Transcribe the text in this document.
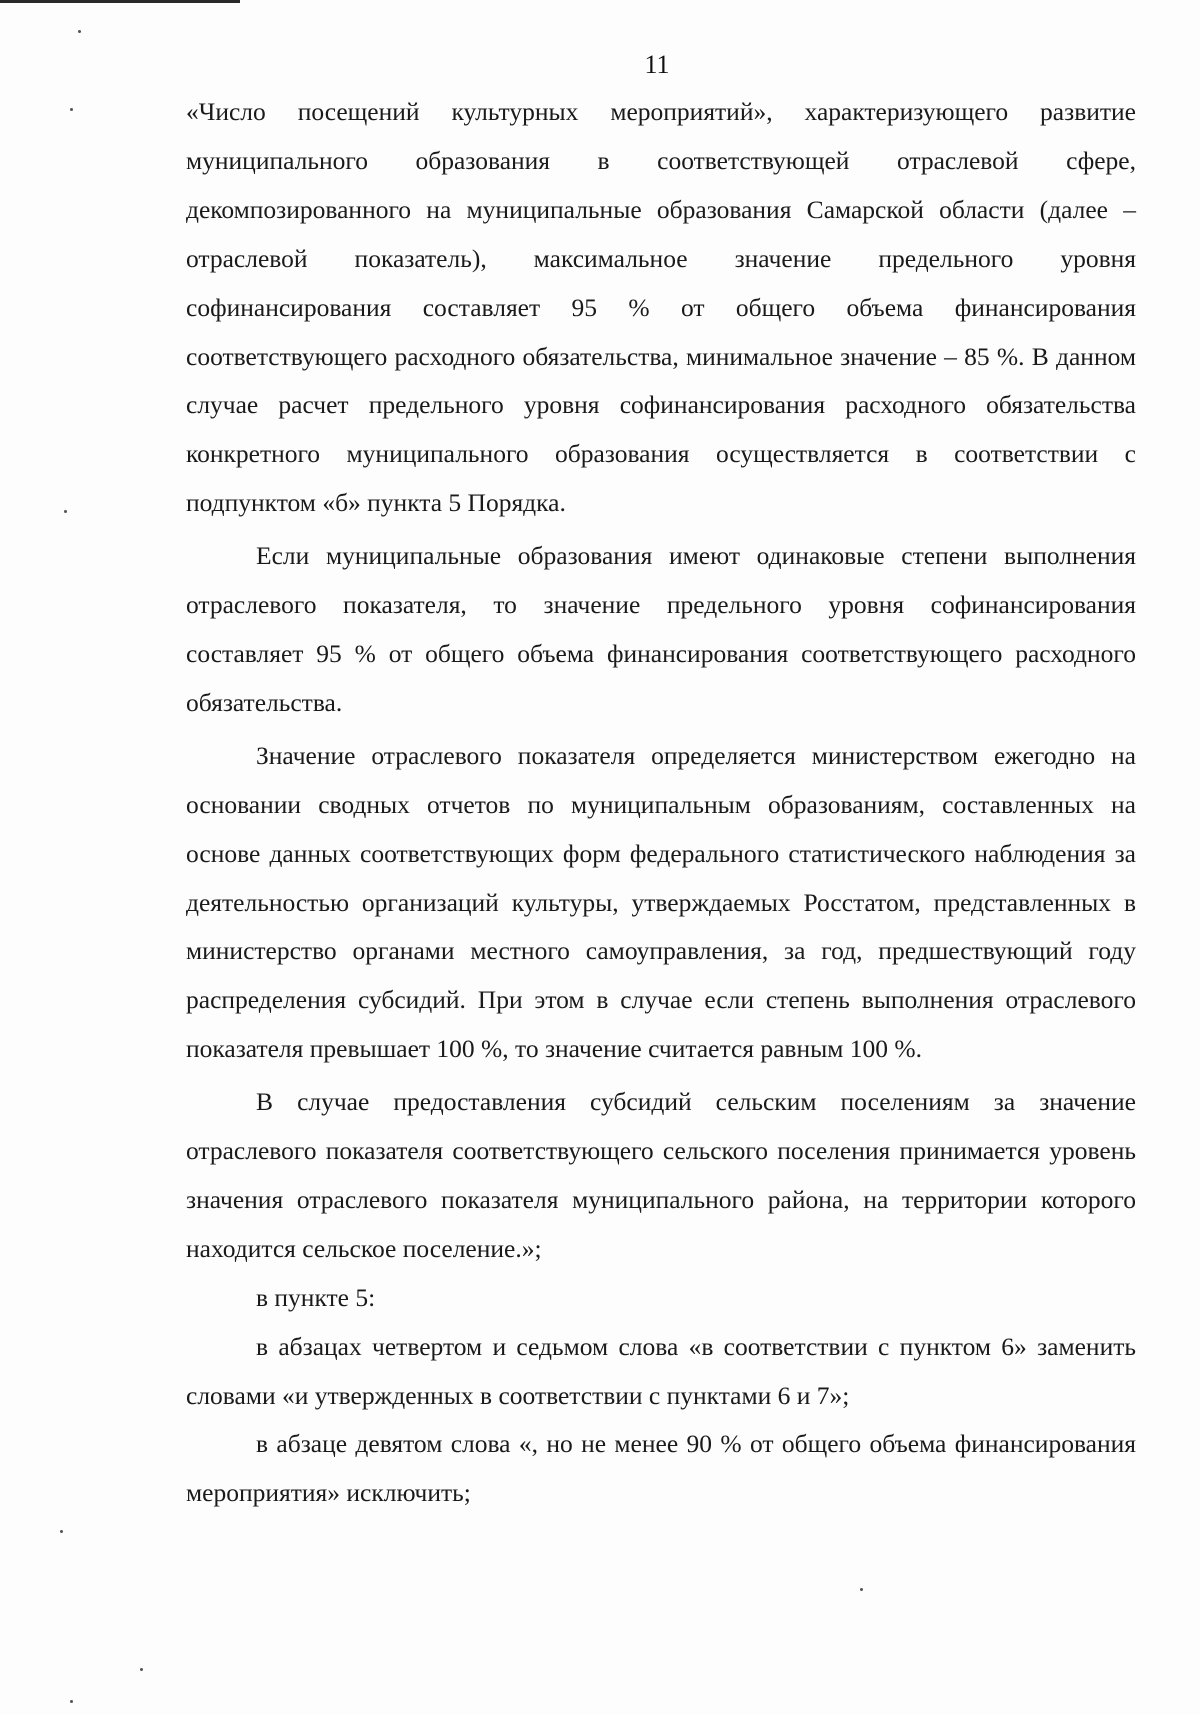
11

«Число посещений культурных мероприятий», характеризующего развитие муниципального образования в соответствующей отраслевой сфере, декомпозированного на муниципальные образования Самарской области (далее – отраслевой показатель), максимальное значение предельного уровня софинансирования составляет 95 % от общего объема финансирования соответствующего расходного обязательства, минимальное значение – 85 %. В данном случае расчет предельного уровня софинансирования расходного обязательства конкретного муниципального образования осуществляется в соответствии с подпунктом «б» пункта 5 Порядка.

Если муниципальные образования имеют одинаковые степени выполнения отраслевого показателя, то значение предельного уровня софинансирования составляет 95 % от общего объема финансирования соответствующего расходного обязательства.

Значение отраслевого показателя определяется министерством ежегодно на основании сводных отчетов по муниципальным образованиям, составленных на основе данных соответствующих форм федерального статистического наблюдения за деятельностью организаций культуры, утверждаемых Росстатом, представленных в министерство органами местного самоуправления, за год, предшествующий году распределения субсидий. При этом в случае если степень выполнения отраслевого показателя превышает 100 %, то значение считается равным 100 %.

В случае предоставления субсидий сельским поселениям за значение отраслевого показателя соответствующего сельского поселения принимается уровень значения отраслевого показателя муниципального района, на территории которого находится сельское поселение.»;

в пункте 5:

в абзацах четвертом и седьмом слова «в соответствии с пунктом 6» заменить словами «и утвержденных в соответствии с пунктами 6 и 7»;

в абзаце девятом слова «, но не менее 90 % от общего объема финансирования мероприятия» исключить;
